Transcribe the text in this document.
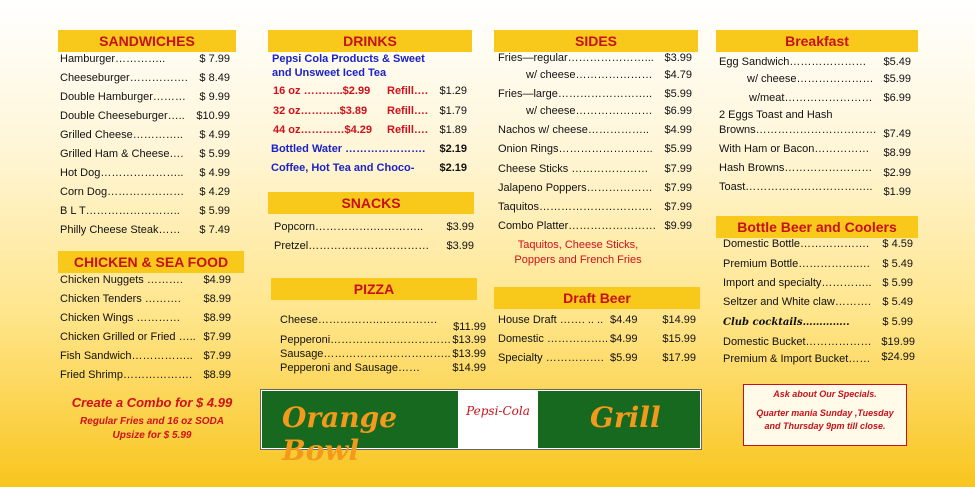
SANDWICHES
Hamburger…………..	$ 7.99
Cheeseburger……………. $ 8.49
Double Hamburger……… $ 9.99
Double Cheeseburger….. $10.99
Grilled Cheese………….. $ 4.99
Grilled Ham & Cheese…. $ 5.99
Hot Dog………………….. $ 4.99
Corn Dog………………… $ 4.29
B L T…………………….. $ 5.99
Philly Cheese Steak…… $ 7.49
CHICKEN & SEA FOOD
Chicken Nuggets ………. $4.99
Chicken Tenders ………. $8.99
Chicken Wings ………… $8.99
Chicken Grilled or Fried ….. $7.99
Fish Sandwich…………….. $7.99
Fried Shrimp………………. $8.99
Create a Combo for $ 4.99
Regular Fries and 16 oz SODA
Upsize for $ 5.99
DRINKS
Pepsi Cola Products & Sweet
and Unsweet Iced Tea
16 oz ………..$2.99 Refill…. $1.29
32 oz………..$3.89 Refill…. $1.79
44 oz…………$4.29 Refill…. $1.89
Bottled Water …………………. $2.19
Coffee, Hot Tea and Choco- $2.19
SNACKS
Popcorn…………….………….. $3.99
Pretzel…………………………… $3.99
PIZZA
Cheese……………..…………….
$11.99
Pepperoni…………………………… $13.99
Sausage…………………………….. $13.99
Pepperoni and Sausage……	$14.99
SIDES
Fries—regular…………………... $3.99
w/ cheese………………… $4.79
Fries—large…………………….. $5.99
w/ cheese………………… $6.99
Nachos w/ cheese…………….. $4.99
Onion Rings…………………….. $5.99
Cheese Sticks ………………… $7.99
Jalapeno Poppers……………… $7.99
Taquitos…………………………. $7.99
Combo Platter…………………… $9.99
Taquitos, Cheese Sticks,
Poppers and French Fries
Draft Beer
House Draft ……. .. .. $4.49 $14.99
Domestic …………….. $4.99 $15.99
Specialty ……………. $5.99 $17.99
Breakfast
Egg Sandwich………………… $5.49
w/ cheese………………… $5.99
w/meat…………………… $6.99
2 Eggs Toast and Hash
Browns…………………………… $7.49
With Ham or Bacon…………… $8.99
Hash Browns…………………… $2.99
Toast…………………………….. $1.99
Bottle Beer and Coolers
Domestic Bottle………………. $ 4.59
Premium Bottle……………..… $ 5.49
Import and specialty………….. $ 5.99
Seltzer and White claw………. $ 5.49
Club cocktails…………..	$ 5.99
Domestic Bucket……………… $19.99
Premium & Import Bucket…… $24.99
Orange Bowl
Pepsi-Cola Grill
Ask about Our Specials.
Quarter mania Sunday ,Tuesday
and Thursday 9pm till close.
